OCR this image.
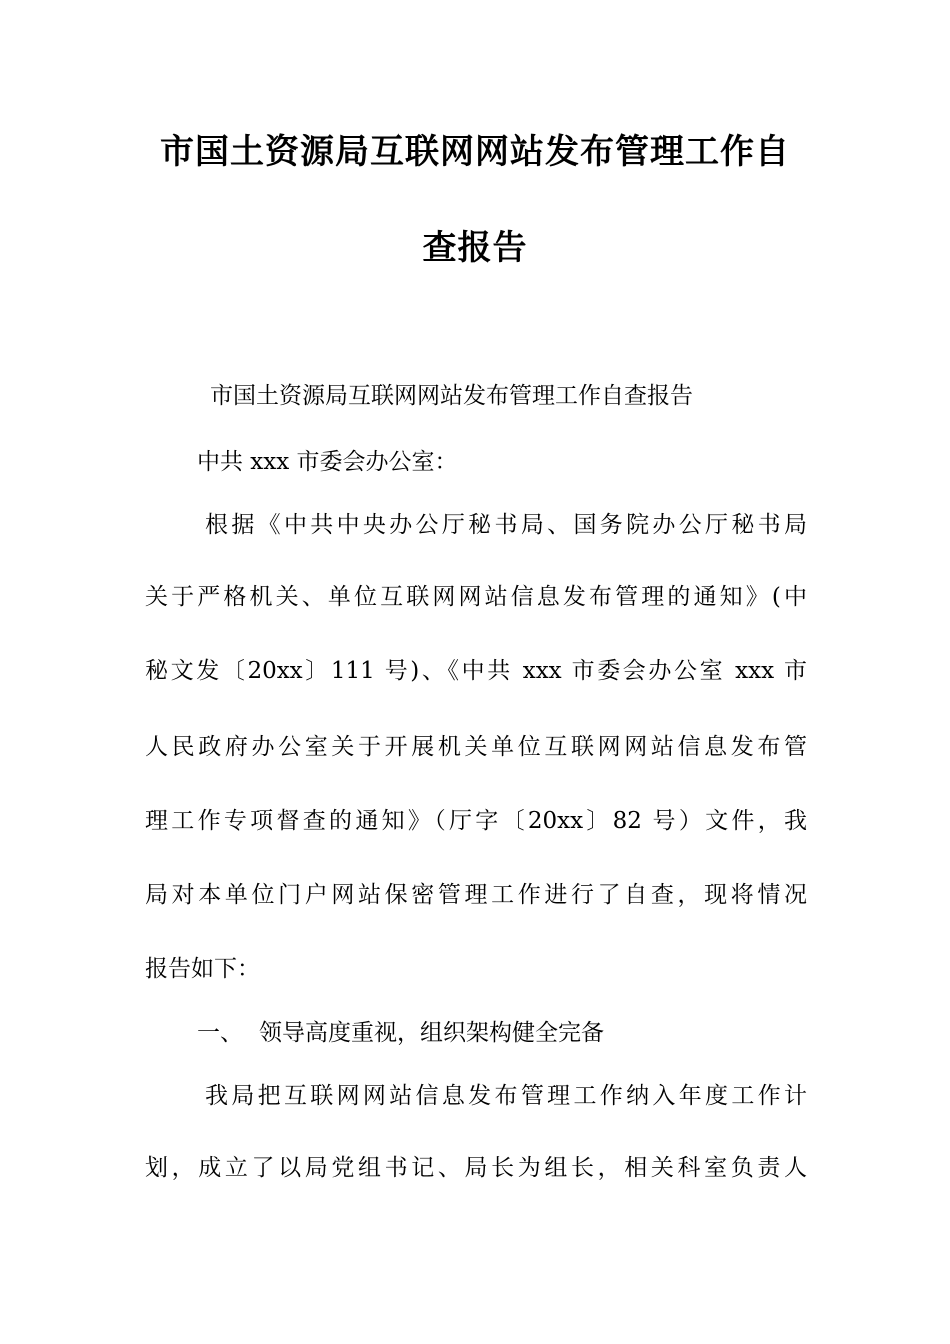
市国土资源局互联网网站发布管理工作自
查报告
市国土资源局互联网网站发布管理工作自查报告
中共 xxx 市委会办公室：
根据《中共中央办公厅秘书局、国务院办公厅秘书局
关于严格机关、单位互联网网站信息发布管理的通知》(中
秘文发〔20xx〕111 号)、《中共 xxx 市委会办公室 xxx 市
人民政府办公室关于开展机关单位互联网网站信息发布管
理工作专项督查的通知》（厅字〔20xx〕82 号）文件，我
局对本单位门户网站保密管理工作进行了自查，现将情况
报告如下：
一、 领导高度重视，组织架构健全完备
我局把互联网网站信息发布管理工作纳入年度工作计
划，成立了以局党组书记、局长为组长，相关科室负责人
